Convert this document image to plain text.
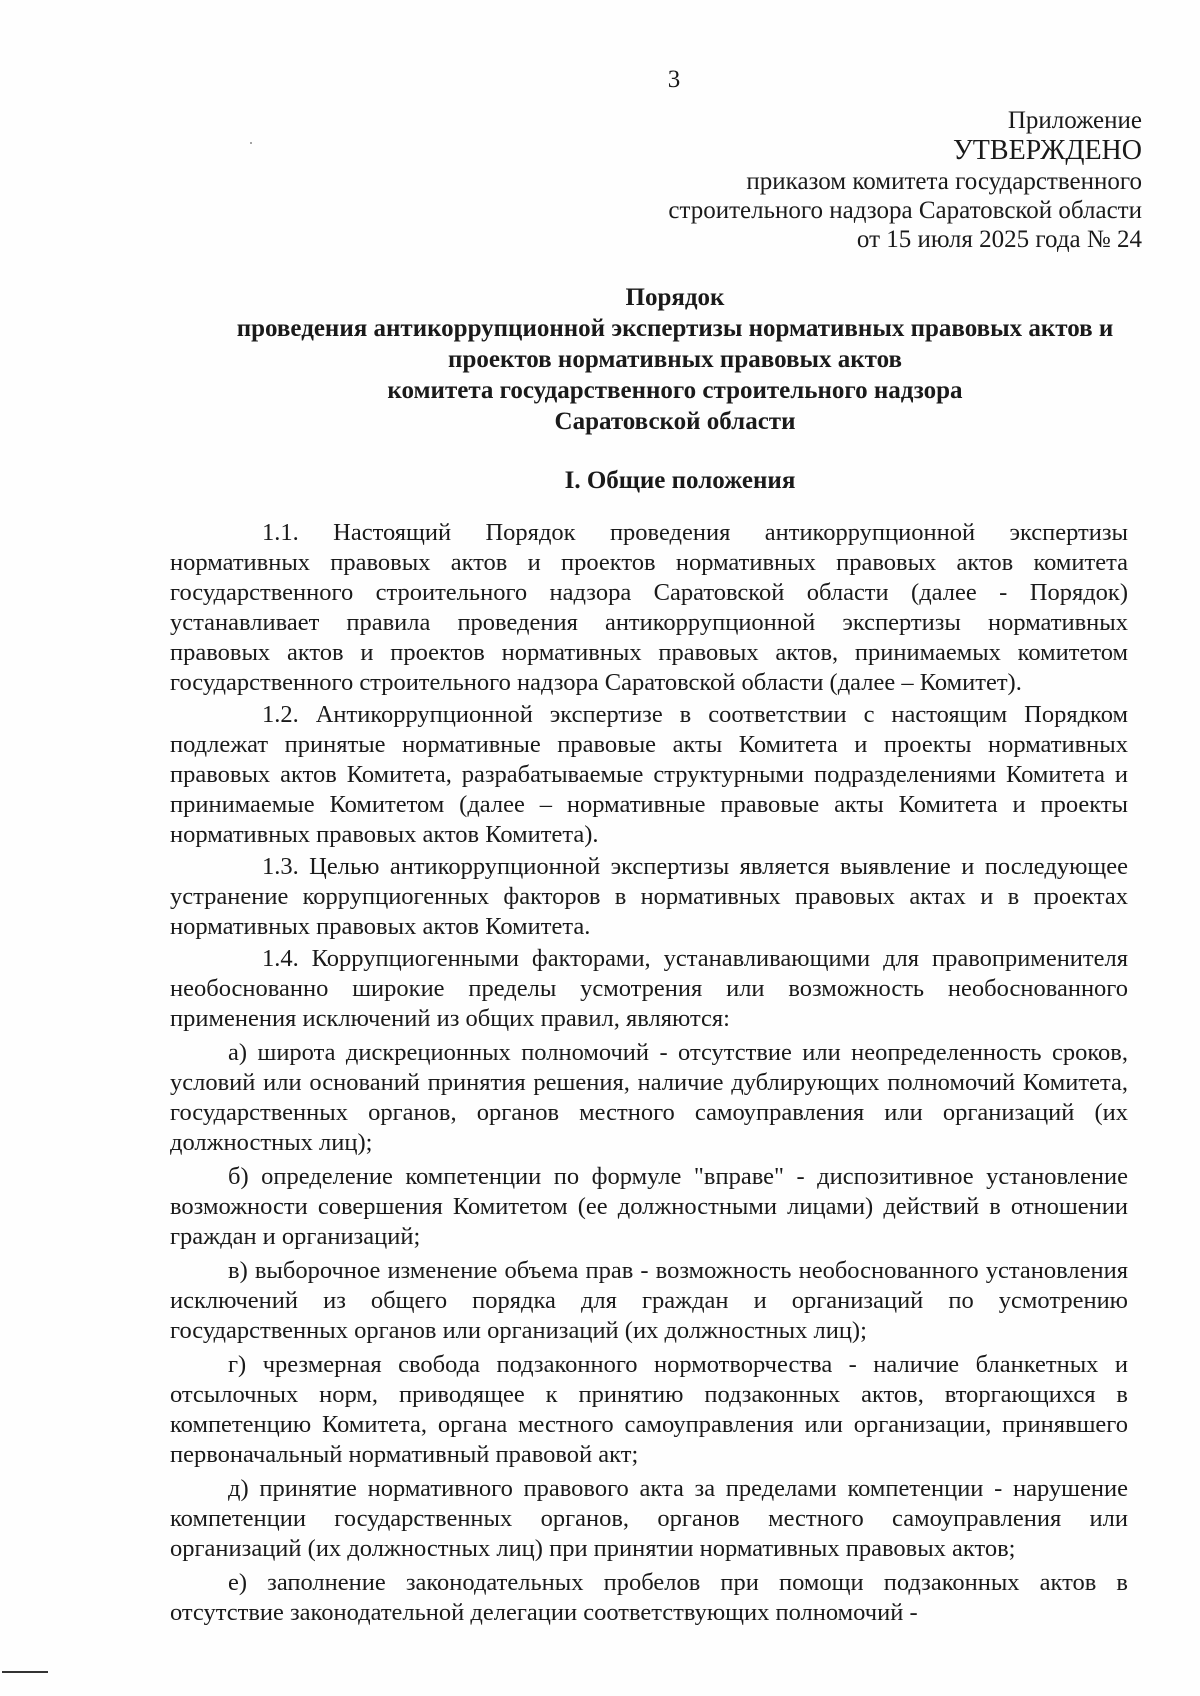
3
Приложение
УТВЕРЖДЕНО
приказом комитета государственного
строительного надзора Саратовской области
от 15 июля 2025 года № 24
Порядок
проведения антикоррупционной экспертизы нормативных правовых актов и
проектов нормативных правовых актов
комитета государственного строительного надзора
Саратовской области
I. Общие положения

1.1. Настоящий Порядок проведения антикоррупционной экспертизы нормативных правовых актов и проектов нормативных правовых актов комитета государственного строительного надзора Саратовской области (далее - Порядок) устанавливает правила проведения антикоррупционной экспертизы нормативных правовых актов и проектов нормативных правовых актов, принимаемых комитетом государственного строительного надзора Саратовской области (далее – Комитет).

1.2. Антикоррупционной экспертизе в соответствии с настоящим Порядком подлежат принятые нормативные правовые акты Комитета и проекты нормативных правовых актов Комитета, разрабатываемые структурными подразделениями Комитета и принимаемые Комитетом (далее – нормативные правовые акты Комитета и проекты нормативных правовых актов Комитета).

1.3. Целью антикоррупционной экспертизы является выявление и последующее устранение коррупциогенных факторов в нормативных правовых актах и в проектах нормативных правовых актов Комитета.

1.4. Коррупциогенными факторами, устанавливающими для правоприменителя необоснованно широкие пределы усмотрения или возможность необоснованного применения исключений из общих правил, являются:

а) широта дискреционных полномочий - отсутствие или неопределенность сроков, условий или оснований принятия решения, наличие дублирующих полномочий Комитета, государственных органов, органов местного самоуправления или организаций (их должностных лиц);

б) определение компетенции по формуле "вправе" - диспозитивное установление возможности совершения Комитетом (ее должностными лицами) действий в отношении граждан и организаций;

в) выборочное изменение объема прав - возможность необоснованного установления исключений из общего порядка для граждан и организаций по усмотрению государственных органов или организаций (их должностных лиц);

г) чрезмерная свобода подзаконного нормотворчества - наличие бланкетных и отсылочных норм, приводящее к принятию подзаконных актов, вторгающихся в компетенцию Комитета, органа местного самоуправления или организации, принявшего первоначальный нормативный правовой акт;

д) принятие нормативного правового акта за пределами компетенции - нарушение компетенции государственных органов, органов местного самоуправления или организаций (их должностных лиц) при принятии нормативных правовых актов;

е) заполнение законодательных пробелов при помощи подзаконных актов в отсутствие законодательной делегации соответствующих полномочий -
